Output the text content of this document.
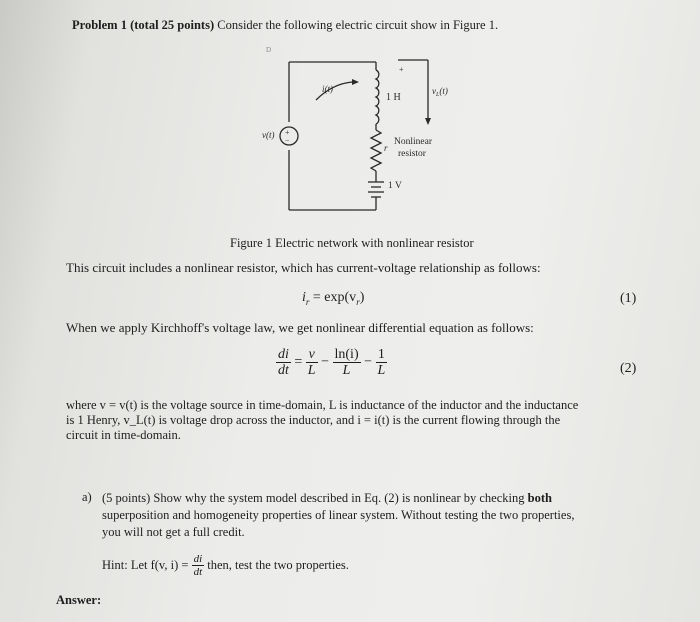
Problem 1 (total 25 points) Consider the following electric circuit show in Figure 1.
+
−
+
v(t)
i(t)
1 H
$v_L(t)$
r
Nonlinear
resistor
1 V
D
Figure 1 Electric network with nonlinear resistor
This circuit includes a nonlinear resistor, which has current-voltage relationship as follows:
$i_r = \exp(v_r)$	(1)
When we apply Kirchhoff's voltage law, we get nonlinear differential equation as follows:
$\frac{di}{dt} = \frac{v}{L} - \frac{\ln(i)}{L} - \frac{1}{L}$	(2)
where v = v(t) is the voltage source in time-domain, L is inductance of the inductor and the inductance
is 1 Henry, v_L(t) is voltage drop across the inductor, and i = i(t) is the current flowing through the
circuit in time-domain.
a) (5 points) Show why the system model described in Eq. (2) is nonlinear by checking both
superposition and homogeneity properties of linear system. Without testing the two properties,
you will not get a full credit.
Hint: Let f(v, $i) = \frac{di}{dt}$ then, test the two properties.
Answer:
